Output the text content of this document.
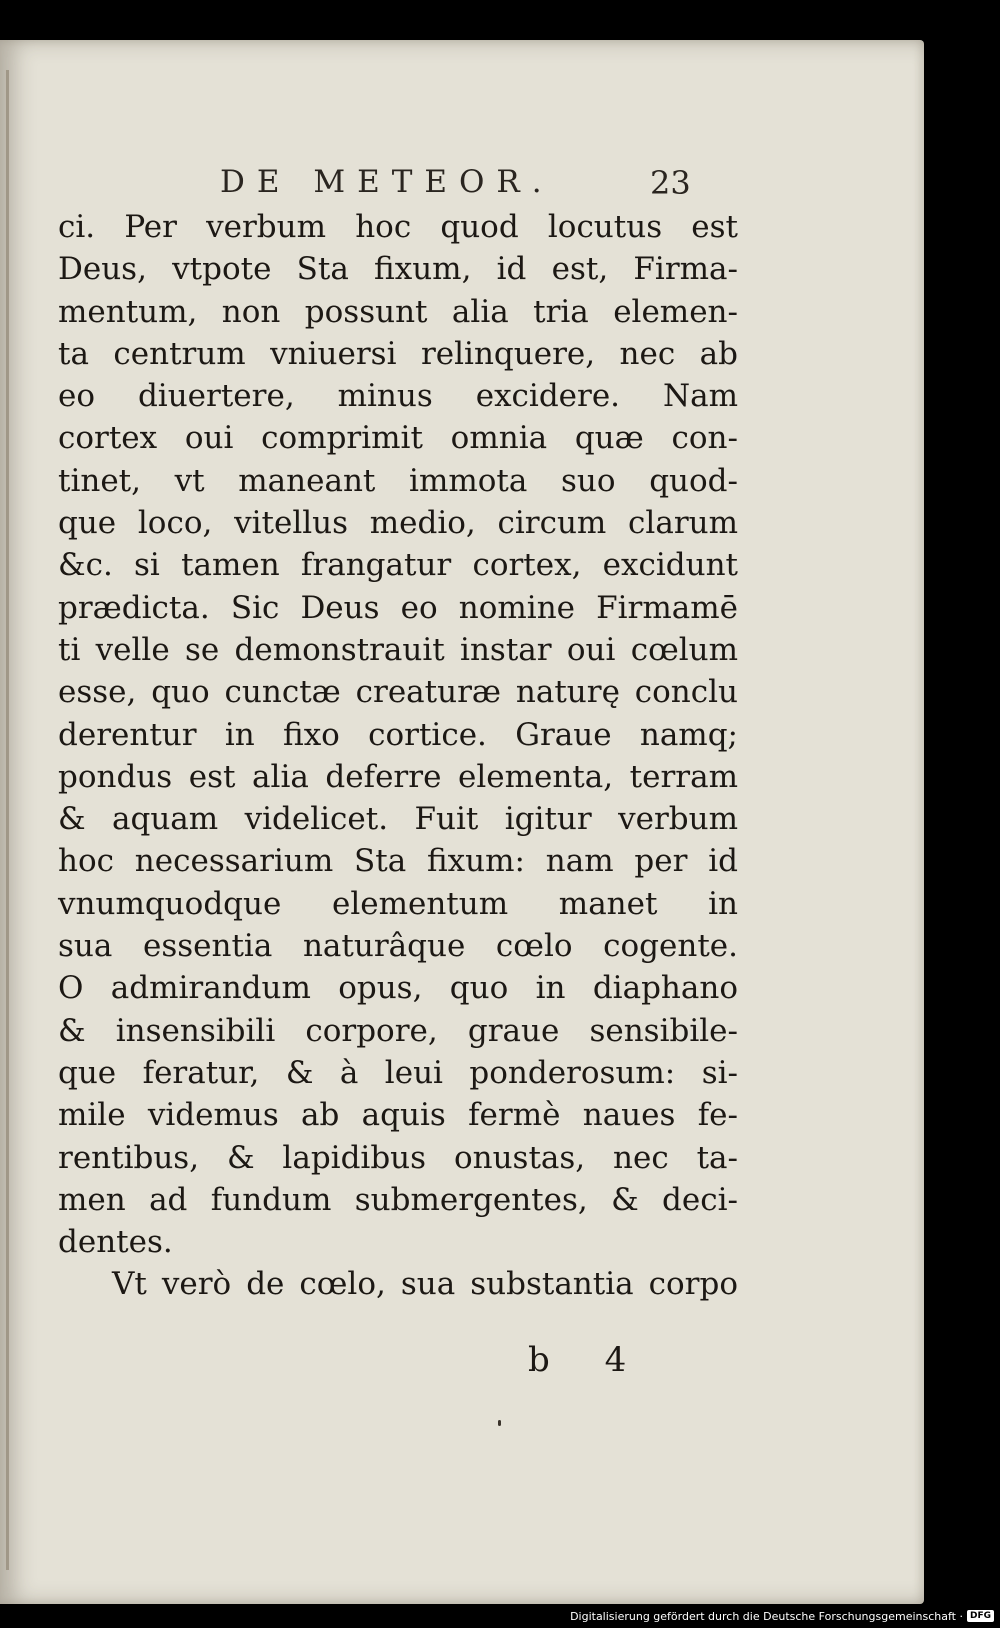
DE METEOR.	23
ci. Per verbum hoc quod locutus est
Deus, vtpote Sta fixum, id est, Firma-
mentum, non possunt alia tria elemen-
ta centrum vniuersi relinquere, nec ab
eo diuertere, minus excidere. Nam
cortex oui comprimit omnia quæ con-
tinet, vt maneant immota suo quod-
que loco, vitellus medio, circum clarum
&c. si tamen frangatur cortex, excidunt
prædicta. Sic Deus eo nomine Firmamē
ti velle se demonstrauit instar oui cœlum
esse, quo cunctæ creaturæ naturę conclu
derentur in fixo cortice. Graue namq;
pondus est alia deferre elementa, terram
& aquam videlicet. Fuit igitur verbum
hoc necessarium Sta fixum: nam per id
vnumquodque elementum manet in
sua essentia naturâque cœlo cogente.
O admirandum opus, quo in diaphano
& insensibili corpore, graue sensibile-
que feratur, & à leui ponderosum: si-
mile videmus ab aquis fermè naues fe-
rentibus, & lapidibus onustas, nec ta-
men ad fundum submergentes, & deci-
dentes.
Vt verò de cœlo, sua substantia corpo
b 4
Digitalisierung gefördert durch die Deutsche Forschungsgemeinschaft · DFG
